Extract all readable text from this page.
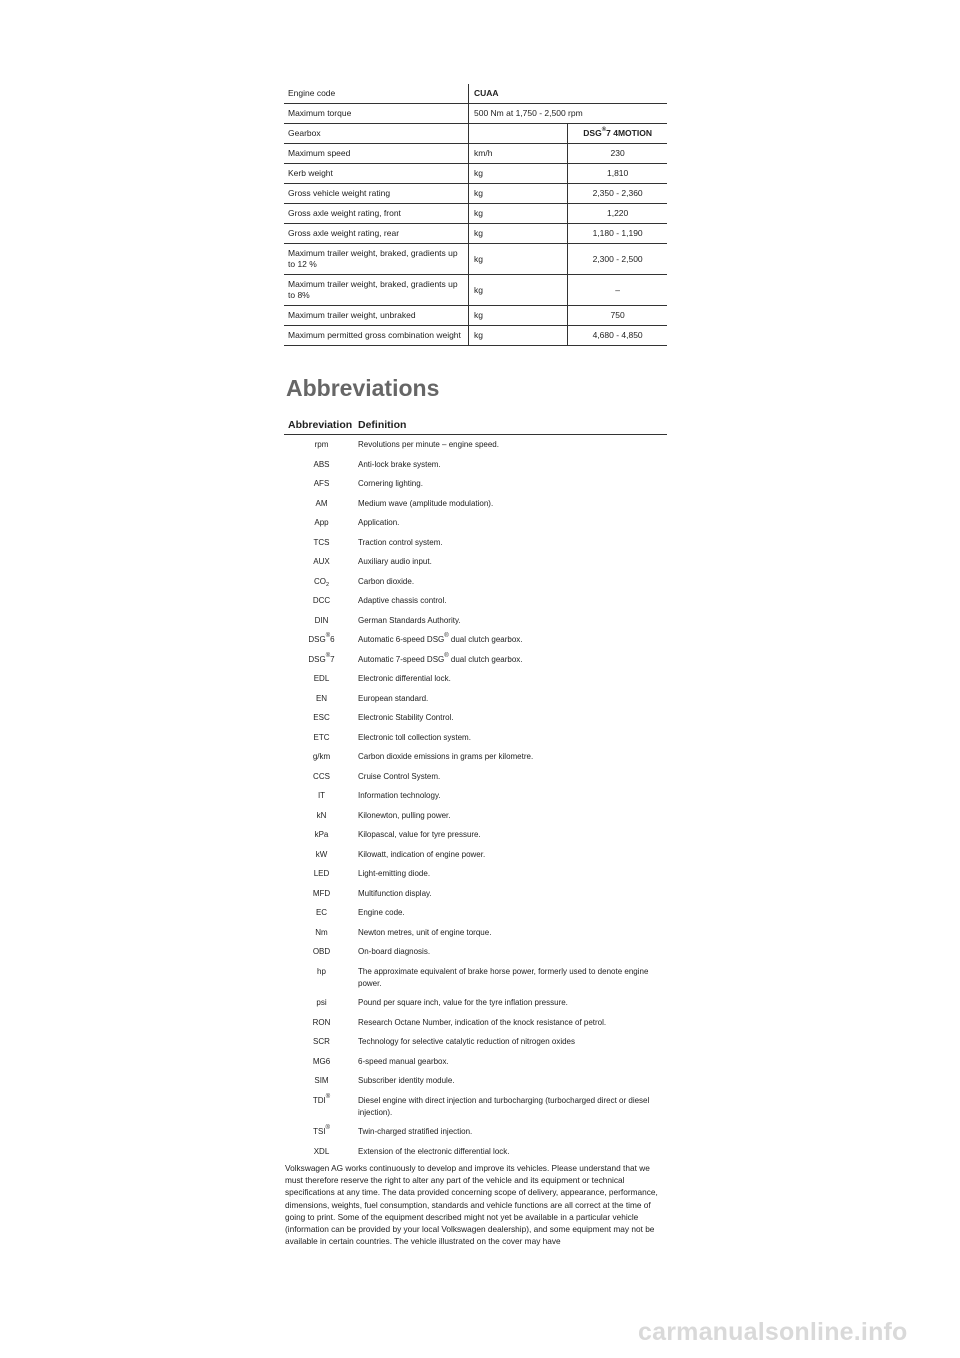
Engine code	CUAA	
Maximum torque	500 Nm at 1,750 - 2,500 rpm	
Gearbox		DSG®7 4MOTION
Maximum speed	km/h	230
Kerb weight	kg	1,810
Gross vehicle weight rating	kg	2,350 - 2,360
Gross axle weight rating, front	kg	1,220
Gross axle weight rating, rear	kg	1,180 - 1,190
Maximum trailer weight, braked, gradients up to 12 %	kg	2,300 - 2,500
Maximum trailer weight, braked, gradients up to 8%	kg	–
Maximum trailer weight, unbraked	kg	750
Maximum permitted gross combination weight	kg	4,680 - 4,850
Abbreviations
Abbreviation Definition
rpm	Revolutions per minute – engine speed.
ABS	Anti-lock brake system.
AFS	Cornering lighting.
AM	Medium wave (amplitude modulation).
App	Application.
TCS	Traction control system.
AUX	Auxiliary audio input.
$CO_2$	Carbon dioxide.
DCC	Adaptive chassis control.
DIN	German Standards Authority.
DSG®6	Automatic 6-speed DSG® dual clutch gearbox.
DSG®7	Automatic 7-speed DSG® dual clutch gearbox.
EDL	Electronic differential lock.
EN	European standard.
ESC	Electronic Stability Control.
ETC	Electronic toll collection system.
g/km	Carbon dioxide emissions in grams per kilometre.
CCS	Cruise Control System.
IT	Information technology.
kN	Kilonewton, pulling power.
kPa	Kilopascal, value for tyre pressure.
kW	Kilowatt, indication of engine power.
LED	Light-emitting diode.
MFD	Multifunction display.
EC	Engine code.
Nm	Newton metres, unit of engine torque.
OBD	On-board diagnosis.
hp	The approximate equivalent of brake horse power, formerly used to denote engine power.
psi	Pound per square inch, value for the tyre inflation pressure.
RON	Research Octane Number, indication of the knock resistance of petrol.
SCR	Technology for selective catalytic reduction of nitrogen oxides
MG6	6-speed manual gearbox.
SIM	Subscriber identity module.
TDI®	Diesel engine with direct injection and turbocharging (turbocharged direct or diesel injection).
TSI®	Twin-charged stratified injection.
XDL	Extension of the electronic differential lock.

Volkswagen AG works continuously to develop and improve its vehicles. Please understand that we must therefore reserve the right to alter any part of the vehicle and its equipment or technical specifications at any time. The data provided concerning scope of delivery, appearance, performance, dimensions, weights, fuel consumption, standards and vehicle functions are all correct at the time of going to print. Some of the equipment described might not yet be available in a particular vehicle (information can be provided by your local Volkswagen dealership), and some equipment may not be available in certain countries. The vehicle illustrated on the cover may have

carmanualsonline.info
